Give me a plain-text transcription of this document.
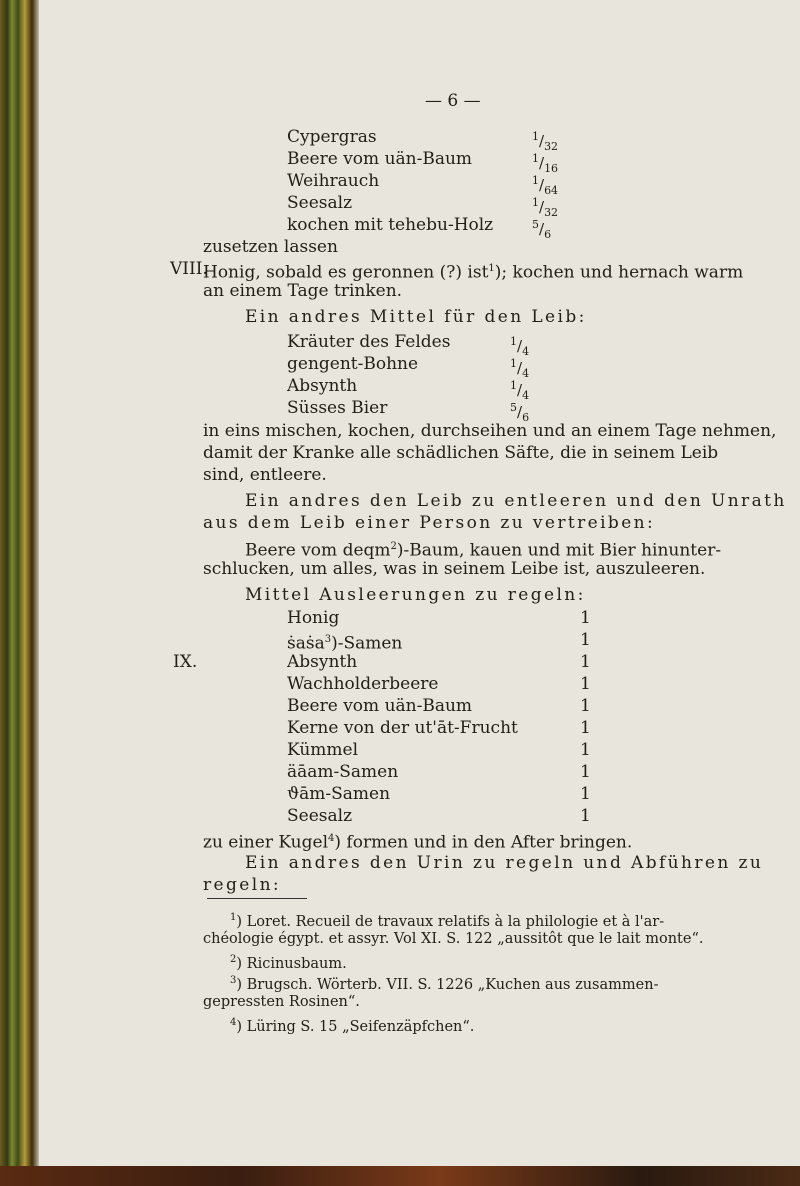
— 6 —
Cypergras	$^1/_{32}$
Beere vom uän-Baum	$^1/_{16}$
Weihrauch	$^1/_{64}$
Seesalz	$^1/_{32}$
kochen mit tehebu-Holz	$^5/_6$
zusetzen lassen
VIII.
Honig, sobald es geronnen (?) ist$^1$); kochen und hernach warm
an einem Tage trinken.
Ein andres Mittel für den Leib:
Kräuter des Feldes	$^1/_4$
gengent-Bohne	$^1/_4$
Absynth	$^1/_4$
Süsses Bier	$^5/_6$
in eins mischen, kochen, durchseihen und an einem Tage nehmen,
damit der Kranke alle schädlichen Säfte, die in seinem Leib
sind, entleere.
Ein andres den Leib zu entleeren und den Unrath
aus dem Leib einer Person zu vertreiben:
Beere vom deqm$^2$)-Baum, kauen und mit Bier hinunter-
schlucken, um alles, was in seinem Leibe ist, auszuleeren.
Mittel Ausleerungen zu regeln:
IX.
Honig	1
ṡaṡa$^3$)-Samen	1
Absynth	1
Wachholderbeere	1
Beere vom uän-Baum	1
Kerne von der ut'āt-Frucht	1
Kümmel	1
äāam-Samen	1
ϑām-Samen	1
Seesalz	1
zu einer Kugel$^4$) formen und in den After bringen.
Ein andres den Urin zu regeln und Abführen zu
regeln:
$^1$) Loret. Recueil de travaux relatifs à la philologie et à l'ar-
chéologie égypt. et assyr. Vol XI. S. 122 „aussitôt que le lait monte“.
$^2$) Ricinusbaum.
$^3$) Brugsch. Wörterb. VII. S. 1226 „Kuchen aus zusammen-
gepressten Rosinen“.
$^4$) Lüring S. 15 „Seifenzäpfchen“.
